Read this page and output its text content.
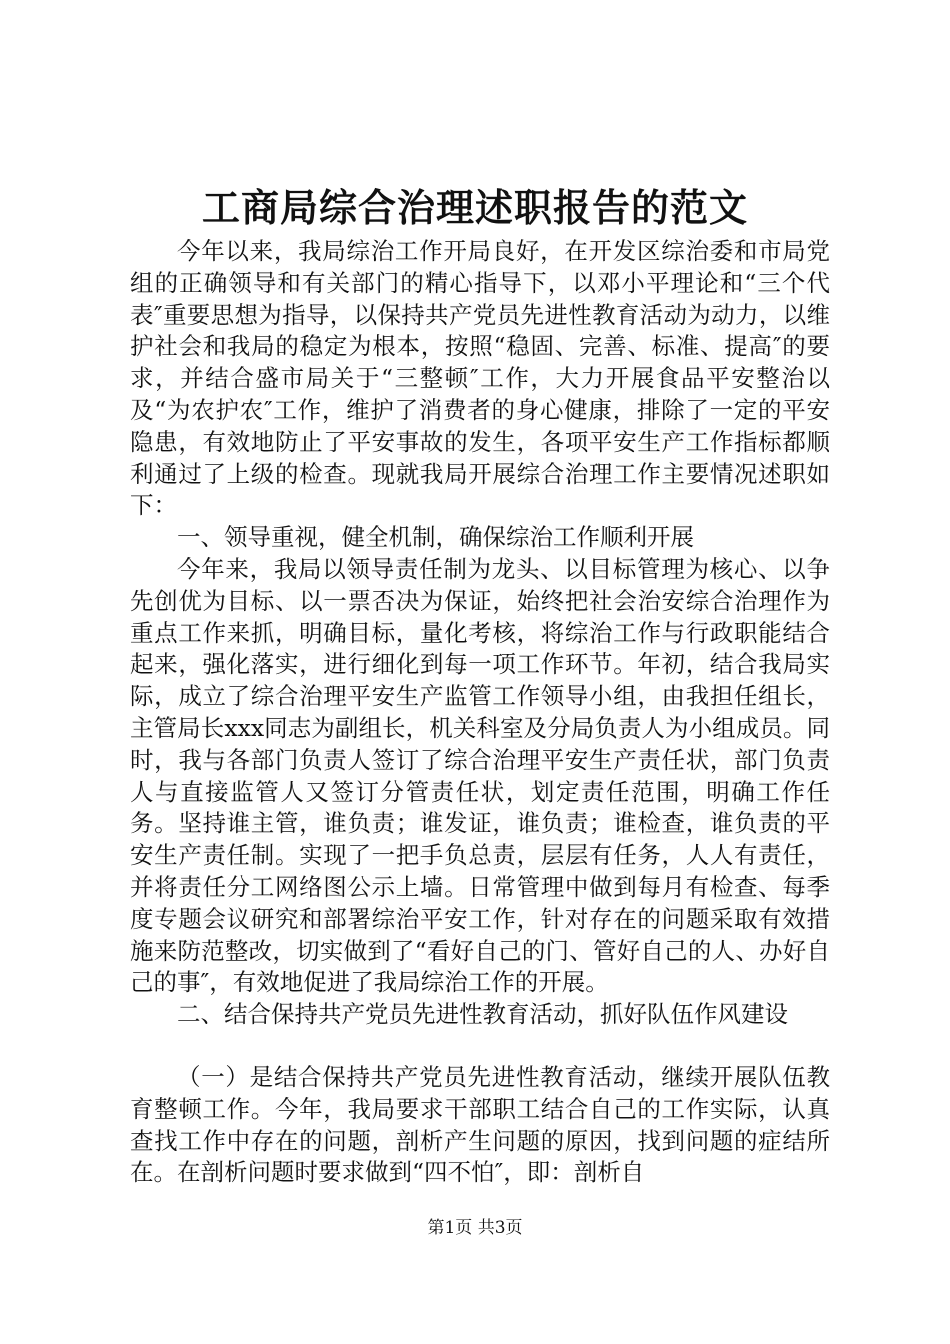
工商局综合治理述职报告的范文

今年以来，我局综治工作开局良好，在开发区综治委和市局党组的正确领导和有关部门的精心指导下，以邓小平理论和“三个代表″重要思想为指导，以保持共产党员先进性教育活动为动力，以维护社会和我局的稳定为根本，按照“稳固、完善、标准、提高″的要求，并结合盛市局关于“三整顿″工作，大力开展食品平安整治以及“为农护农″工作，维护了消费者的身心健康，排除了一定的平安隐患，有效地防止了平安事故的发生，各项平安生产工作指标都顺利通过了上级的检查。现就我局开展综合治理工作主要情况述职如下：

一、领导重视，健全机制，确保综治工作顺利开展

今年来，我局以领导责任制为龙头、以目标管理为核心、以争先创优为目标、以一票否决为保证，始终把社会治安综合治理作为重点工作来抓，明确目标，量化考核，将综治工作与行政职能结合起来，强化落实，进行细化到每一项工作环节。年初，结合我局实际，成立了综合治理平安生产监管工作领导小组，由我担任组长，主管局长xxx同志为副组长，机关科室及分局负责人为小组成员。同时，我与各部门负责人签订了综合治理平安生产责任状，部门负责人与直接监管人又签订分管责任状，划定责任范围，明确工作任务。坚持谁主管，谁负责；谁发证，谁负责；谁检查，谁负责的平安生产责任制。实现了一把手负总责，层层有任务，人人有责任，并将责任分工网络图公示上墙。日常管理中做到每月有检查、每季度专题会议研究和部署综治平安工作，针对存在的问题采取有效措施来防范整改，切实做到了“看好自己的门、管好自己的人、办好自己的事″，有效地促进了我局综治工作的开展。

二、结合保持共产党员先进性教育活动，抓好队伍作风建设

（一）是结合保持共产党员先进性教育活动，继续开展队伍教育整顿工作。今年，我局要求干部职工结合自己的工作实际，认真查找工作中存在的问题，剖析产生问题的原因，找到问题的症结所在。在剖析问题时要求做到“四不怕″，即：剖析自

第1页 共3页
